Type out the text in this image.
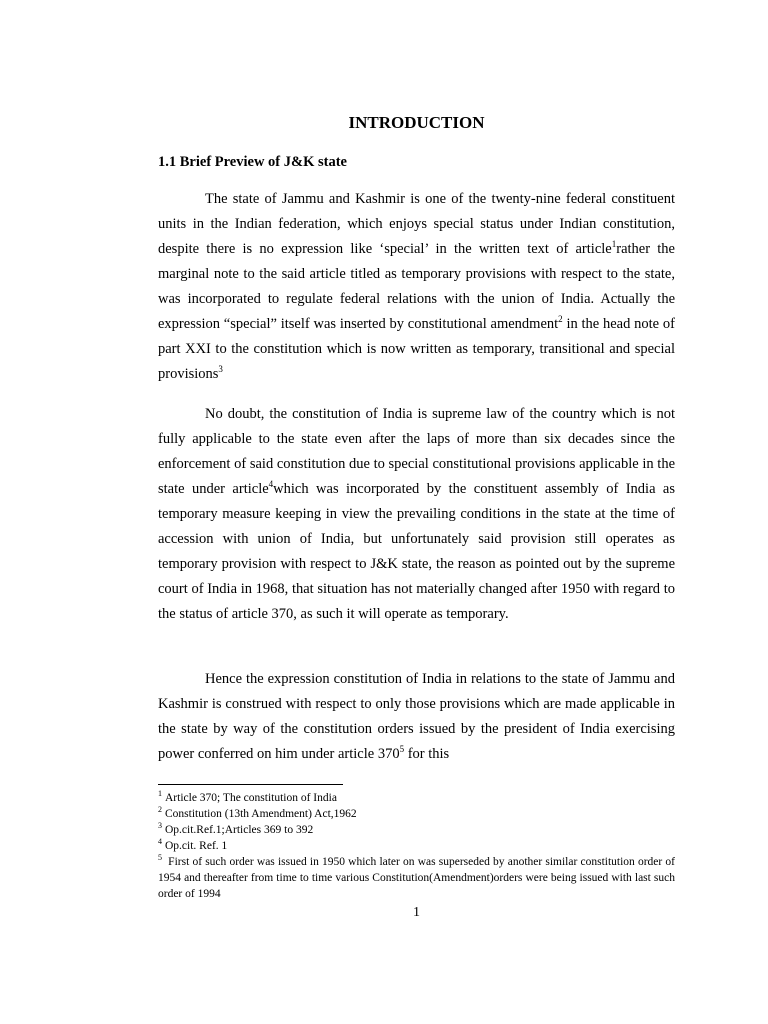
INTRODUCTION
1.1 Brief Preview of J&K state

The state of Jammu and Kashmir is one of the twenty-nine federal constituent units in the Indian federation, which enjoys special status under Indian constitution, despite there is no expression like ‘special’ in the written text of article$^1$rather the marginal note to the said article titled as temporary provisions with respect to the state, was incorporated to regulate federal relations with the union of India. Actually the expression “special” itself was inserted by constitutional amendment$^2$ in the head note of part XXI to the constitution which is now written as temporary, transitional and special provisions$^3$

No doubt, the constitution of India is supreme law of the country which is not fully applicable to the state even after the laps of more than six decades since the enforcement of said constitution due to special constitutional provisions applicable in the state under article$^4$which was incorporated by the constituent assembly of India as temporary measure keeping in view the prevailing conditions in the state at the time of accession with union of India, but unfortunately said provision still operates as temporary provision with respect to J&K state, the reason as pointed out by the supreme court of India in 1968, that situation has not materially changed after 1950 with regard to the status of article 370, as such it will operate as temporary.

Hence the expression constitution of India in relations to the state of Jammu and Kashmir is construed with respect to only those provisions which are made applicable in the state by way of the constitution orders issued by the president of India exercising power conferred on him under article $370^5$ for this

$^1$ Article 370; The constitution of India
$^2$ Constitution (13th Amendment) Act,1962
$^3$ Op.cit.Ref.1;Articles 369 to 392
$^4$ Op.cit. Ref. 1
$^5$ First of such order was issued in 1950 which later on was superseded by another similar constitution order of 1954 and thereafter from time to time various Constitution(Amendment)orders were being issued with last such order of 1994
1
